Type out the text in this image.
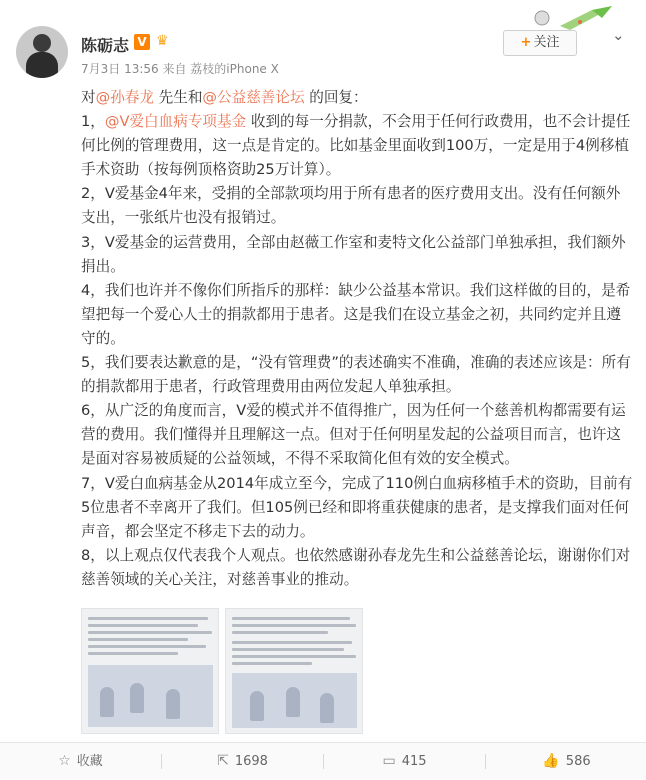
陈砺志 V ♛
7月3日 13:56 来自 荔枝的iPhone X
+ 关注	⌄

对@孙春龙 先生和@公益慈善论坛 的回复：

1，@V爱白血病专项基金 收到的每一分捐款，不会用于任何行政费用，也不会计提任何比例的管理费用，这一点是肯定的。比如基金里面收到100万，一定是用于4例移植手术资助（按每例顶格资助25万计算）。

2，V爱基金4年来，受捐的全部款项均用于所有患者的医疗费用支出。没有任何额外支出，一张纸片也没有报销过。

3，V爱基金的运营费用，全部由赵薇工作室和麦特文化公益部门单独承担，我们额外捐出。

4，我们也许并不像你们所指斥的那样：缺少公益基本常识。我们这样做的目的，是希望把每一个爱心人士的捐款都用于患者。这是我们在设立基金之初，共同约定并且遵守的。

5，我们要表达歉意的是，“没有管理费”的表述确实不准确，准确的表述应该是：所有的捐款都用于患者，行政管理费用由两位发起人单独承担。

6，从广泛的角度而言，V爱的模式并不值得推广，因为任何一个慈善机构都需要有运营的费用。我们懂得并且理解这一点。但对于任何明星发起的公益项目而言，也许这是面对容易被质疑的公益领域，不得不采取简化但有效的安全模式。

7，V爱白血病基金从2014年成立至今，完成了110例白血病移植手术的资助，目前有5位患者不幸离开了我们。但105例已经和即将重获健康的患者，是支撑我们面对任何声音，都会坚定不移走下去的动力。

8，以上观点仅代表我个人观点。也依然感谢孙春龙先生和公益慈善论坛，谢谢你们对慈善领域的关心关注，对慈善事业的推动。

☆ 收藏	⇱ 1698	▭ 415	👍 586
